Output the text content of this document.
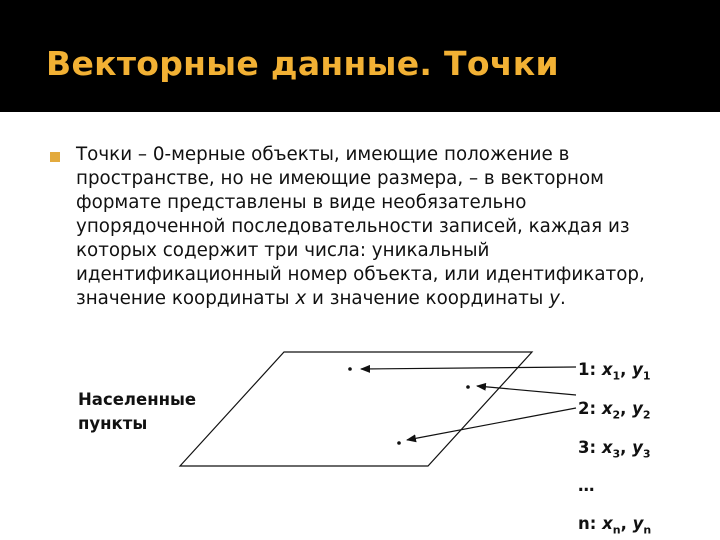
Векторные данные. Точки
Точки – 0-мерные объекты, имеющие положение в пространстве, но не имеющие размера, – в векторном формате представлены в виде необязательно упорядоченной последовательности записей, каждая из которых содержит три числа: уникальный идентификационный номер объекта, или идентификатор, значение координаты x и значение координаты y.
Населенные
пункты
1: $x_1$, $y_1$
2: $x_2$, $y_2$
3: $x_3$, $y_3$
…
n: $x_n$, $y_n$
